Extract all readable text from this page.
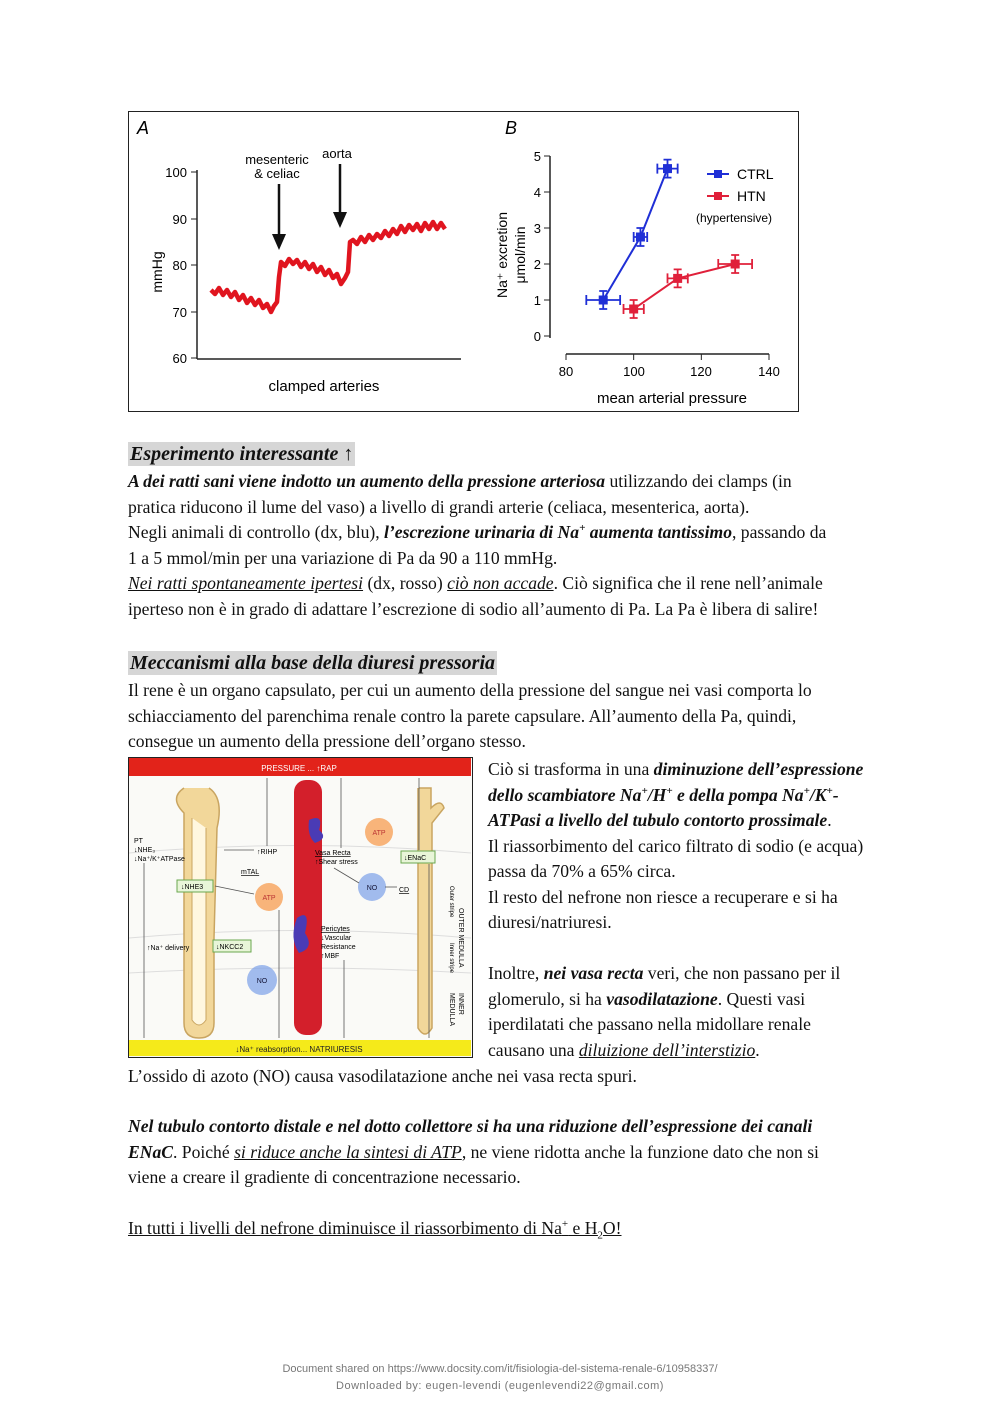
A
mmHg
100
90
80
70
60
clamped arteries
mesenteric
& celiac
aorta
B
Na⁺ excretion μmol/min
5
4
3
2
1
0
80	100	120	140
mean arterial pressure
CTRL
HTN
(hypertensive)
Esperimento interessante ↑
A dei ratti sani viene indotto un aumento della pressione arteriosa utilizzando dei clamps (in
pratica riducono il lume del vaso) a livello di grandi arterie (celiaca, mesenterica, aorta).
Negli animali di controllo (dx, blu), l’escrezione urinaria di Na+ aumenta tantissimo, passando da
1 a 5 mmol/min per una variazione di Pa da 90 a 110 mmHg.
Nei ratti spontaneamente ipertesi (dx, rosso) ciò non accade. Ciò significa che il rene nell’animale
iperteso non è in grado di adattare l’escrezione di sodio all’aumento di Pa. La Pa è libera di salire!
Meccanismi alla base della diuresi pressoria
Il rene è un organo capsulato, per cui un aumento della pressione del sangue nei vasi comporta lo
schiacciamento del parenchima renale contro la parete capsulare. All’aumento della Pa, quindi,
consegue un aumento della pressione dell’organo stesso.
PRESSURE ... ↑RAP
↓Na⁺ reabsorption... NATRIURESIS
PT
↓NHE₃
↓Na⁺/K⁺ATPase
↑RIHP	Vasa Recta
↑Shear stress
mTAL
↓NHE3
ATP
ATP
NO
NO
CD
↓ENaC
↓NKCC2
Pericytes
↓Vascular
Resistance
↑MBF
↑Na⁺ delivery	OUTER MEDULLA
Outer stripe
Inner stripe
INNER
MEDULLA
Ciò si trasforma in una diminuzione dell’espressione
dello scambiatore Na+/H+ e della pompa Na+/K+-
ATPasi a livello del tubulo contorto prossimale.
Il riassorbimento del carico filtrato di sodio (e acqua)
passa da 70% a 65% circa.
Il resto del nefrone non riesce a recuperare e si ha
diuresi/natriuresi.
Inoltre, nei vasa recta veri, che non passano per il
glomerulo, si ha vasodilatazione. Questi vasi
iperdilatati che passano nella midollare renale
causano una diluizione dell’interstizio.
L’ossido di azoto (NO) causa vasodilatazione anche nei vasa recta spuri.
Nel tubulo contorto distale e nel dotto collettore si ha una riduzione dell’espressione dei canali
ENaC. Poiché si riduce anche la sintesi di ATP, ne viene ridotta anche la funzione dato che non si
viene a creare il gradiente di concentrazione necessario.
In tutti i livelli del nefrone diminuisce il riassorbimento di Na+ e $H_2O$!
Document shared on https://www.docsity.com/it/fisiologia-del-sistema-renale-6/10958337/
Downloaded by: eugen-levendi (eugenlevendi22@gmail.com)
